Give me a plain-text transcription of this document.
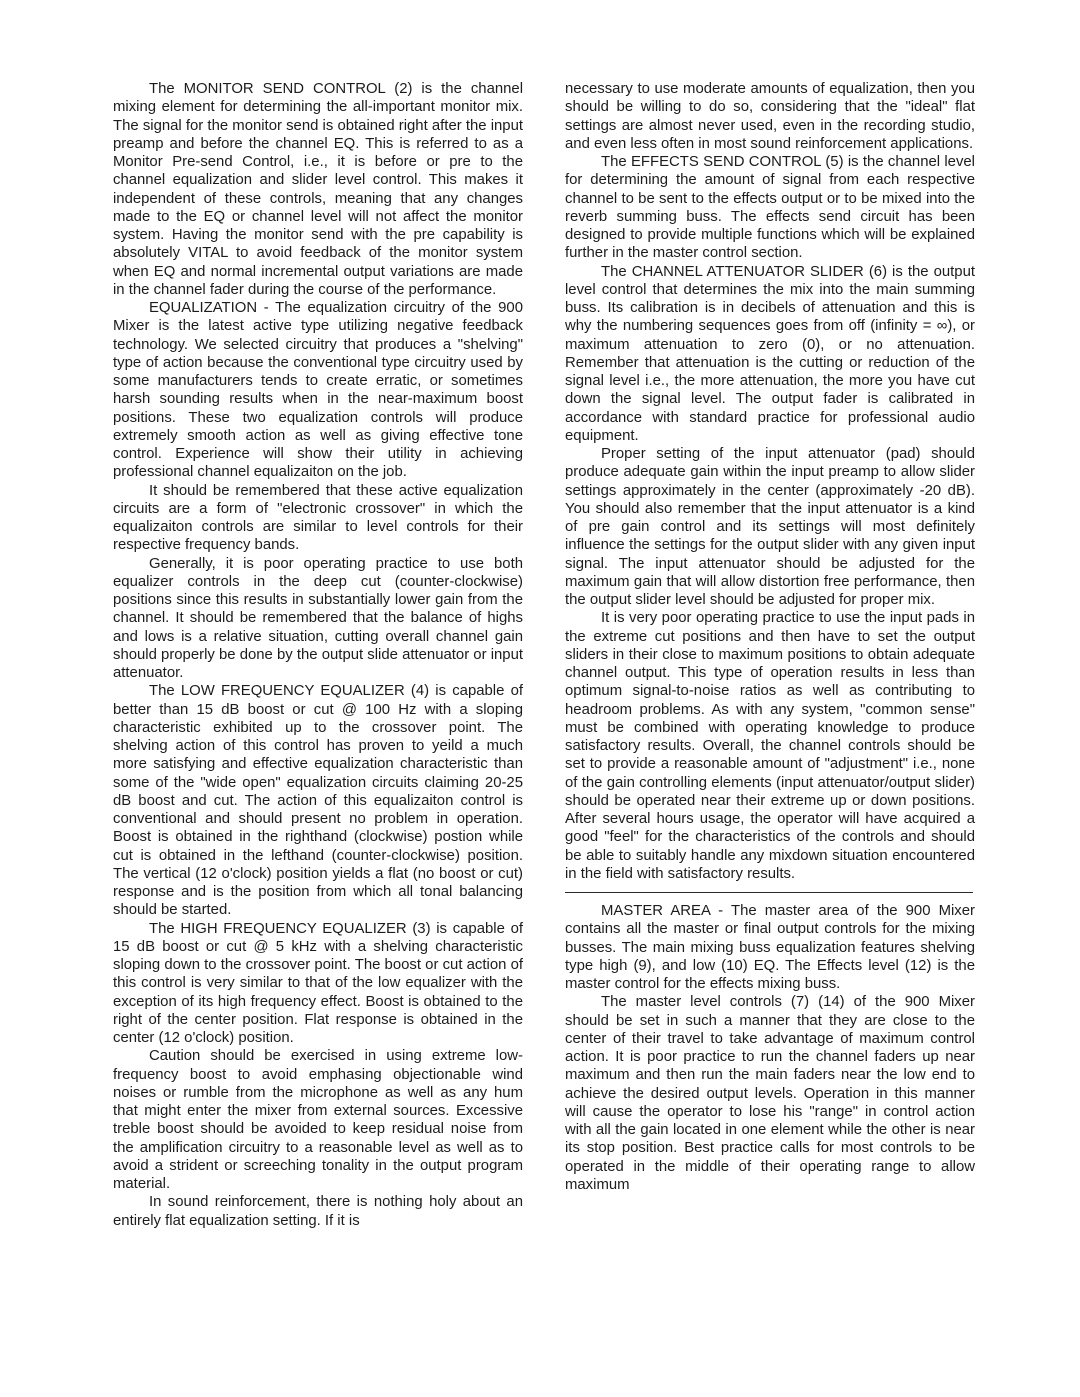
The MONITOR SEND CONTROL (2) is the channel mixing element for determining the all-important monitor mix. The signal for the monitor send is obtained right after the input preamp and before the channel EQ. This is referred to as a Monitor Pre-send Control, i.e., it is before or pre to the channel equalization and slider level control. This makes it independent of these controls, meaning that any changes made to the EQ or channel level will not affect the monitor system. Having the monitor send with the pre capability is absolutely VITAL to avoid feedback of the monitor system when EQ and normal incremental output variations are made in the channel fader during the course of the performance.

EQUALIZATION - The equalization circuitry of the 900 Mixer is the latest active type utilizing negative feedback technology. We selected circuitry that produces a "shelving" type of action because the conventional type circuitry used by some manufacturers tends to create erratic, or sometimes harsh sounding results when in the near-maximum boost positions. These two equalization controls will produce extremely smooth action as well as giving effective tone control. Experience will show their utility in achieving professional channel equalizaiton on the job.

It should be remembered that these active equalization circuits are a form of "electronic crossover" in which the equalizaiton controls are similar to level controls for their respective frequency bands.

Generally, it is poor operating practice to use both equalizer controls in the deep cut (counter-clockwise) positions since this results in substantially lower gain from the channel. It should be remembered that the balance of highs and lows is a relative situation, cutting overall channel gain should properly be done by the output slide attenuator or input attenuator.

The LOW FREQUENCY EQUALIZER (4) is capable of better than 15 dB boost or cut @ 100 Hz with a sloping characteristic exhibited up to the crossover point. The shelving action of this control has proven to yeild a much more satisfying and effective equalization characteristic than some of the "wide open" equalization circuits claiming 20-25 dB boost and cut. The action of this equalizaiton control is conventional and should present no problem in operation. Boost is obtained in the righthand (clockwise) postion while cut is obtained in the lefthand (counter-clockwise) position. The vertical (12 o'clock) position yields a flat (no boost or cut) response and is the position from which all tonal balancing should be started.

The HIGH FREQUENCY EQUALIZER (3) is capable of 15 dB boost or cut @ 5 kHz with a shelving characteristic sloping down to the crossover point. The boost or cut action of this control is very similar to that of the low equalizer with the exception of its high frequency effect. Boost is obtained to the right of the center position. Flat response is obtained in the center (12 o'clock) position.

Caution should be exercised in using extreme low-frequency boost to avoid emphasing objectionable wind noises or rumble from the microphone as well as any hum that might enter the mixer from external sources. Excessive treble boost should be avoided to keep residual noise from the amplification circuitry to a reasonable level as well as to avoid a strident or screeching tonality in the output program material.

In sound reinforcement, there is nothing holy about an entirely flat equalization setting. If it is

necessary to use moderate amounts of equalization, then you should be willing to do so, considering that the "ideal" flat settings are almost never used, even in the recording studio, and even less often in most sound reinforcement applications.

The EFFECTS SEND CONTROL (5) is the channel level for determining the amount of signal from each respective channel to be sent to the effects output or to be mixed into the reverb summing buss. The effects send circuit has been designed to provide multiple functions which will be explained further in the master control section.

The CHANNEL ATTENUATOR SLIDER (6) is the output level control that determines the mix into the main summing buss. Its calibration is in decibels of attenuation and this is why the numbering sequences goes from off (infinity = ∞), or maximum attenuation to zero (0), or no attenuation. Remember that attenuation is the cutting or reduction of the signal level i.e., the more attenuation, the more you have cut down the signal level. The output fader is calibrated in accordance with standard practice for professional audio equipment.

Proper setting of the input attenuator (pad) should produce adequate gain within the input preamp to allow slider settings approximately in the center (approximately -20 dB). You should also remember that the input attenuator is a kind of pre gain control and its settings will most definitely influence the settings for the output slider with any given input signal. The input attenuator should be adjusted for the maximum gain that will allow distortion free performance, then the output slider level should be adjusted for proper mix.

It is very poor operating practice to use the input pads in the extreme cut positions and then have to set the output sliders in their close to maximum positions to obtain adequate channel output. This type of operation results in less than optimum signal-to-noise ratios as well as contributing to headroom problems. As with any system, "common sense" must be combined with operating knowledge to produce satisfactory results. Overall, the channel controls should be set to provide a reasonable amount of "adjustment" i.e., none of the gain controlling elements (input attenuator/output slider) should be operated near their extreme up or down positions. After several hours usage, the operator will have acquired a good "feel" for the characteristics of the controls and should be able to suitably handle any mixdown situation encountered in the field with satisfactory results.

MASTER AREA - The master area of the 900 Mixer contains all the master or final output controls for the mixing busses. The main mixing buss equalization features shelving type high (9), and low (10) EQ. The Effects level (12) is the master control for the effects mixing buss.

The master level controls (7) (14) of the 900 Mixer should be set in such a manner that they are close to the center of their travel to take advantage of maximum control action. It is poor practice to run the channel faders up near maximum and then run the main faders near the low end to achieve the desired output levels. Operation in this manner will cause the operator to lose his "range" in control action with all the gain located in one element while the other is near its stop position. Best practice calls for most controls to be operated in the middle of their operating range to allow maximum
